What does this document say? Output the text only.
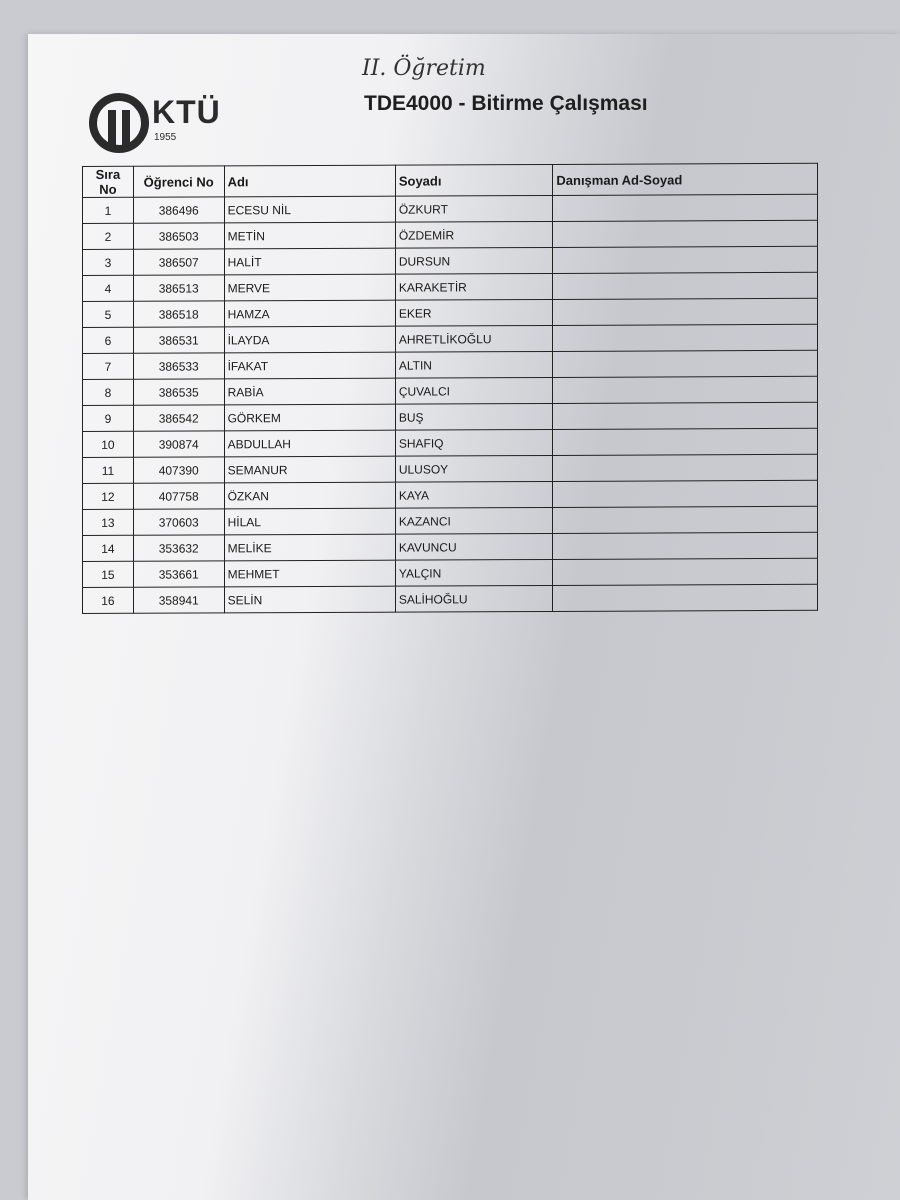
II. Öğretim
KTÜ
1955
TDE4000 - Bitirme Çalışması
Sıra No	Öğrenci No	Adı	Soyadı	Danışman Ad-Soyad
1	386496	ECESU NİL	ÖZKURT	
2	386503	METİN	ÖZDEMİR	
3	386507	HALİT	DURSUN	
4	386513	MERVE	KARAKETİR	
5	386518	HAMZA	EKER	
6	386531	İLAYDA	AHRETLİKOĞLU	
7	386533	İFAKAT	ALTIN	
8	386535	RABİA	ÇUVALCI	
9	386542	GÖRKEM	BUŞ	
10	390874	ABDULLAH	SHAFIQ	
11	407390	SEMANUR	ULUSOY	
12	407758	ÖZKAN	KAYA	
13	370603	HİLAL	KAZANCI	
14	353632	MELİKE	KAVUNCU	
15	353661	MEHMET	YALÇIN	
16	358941	SELİN	SALİHOĞLU	
